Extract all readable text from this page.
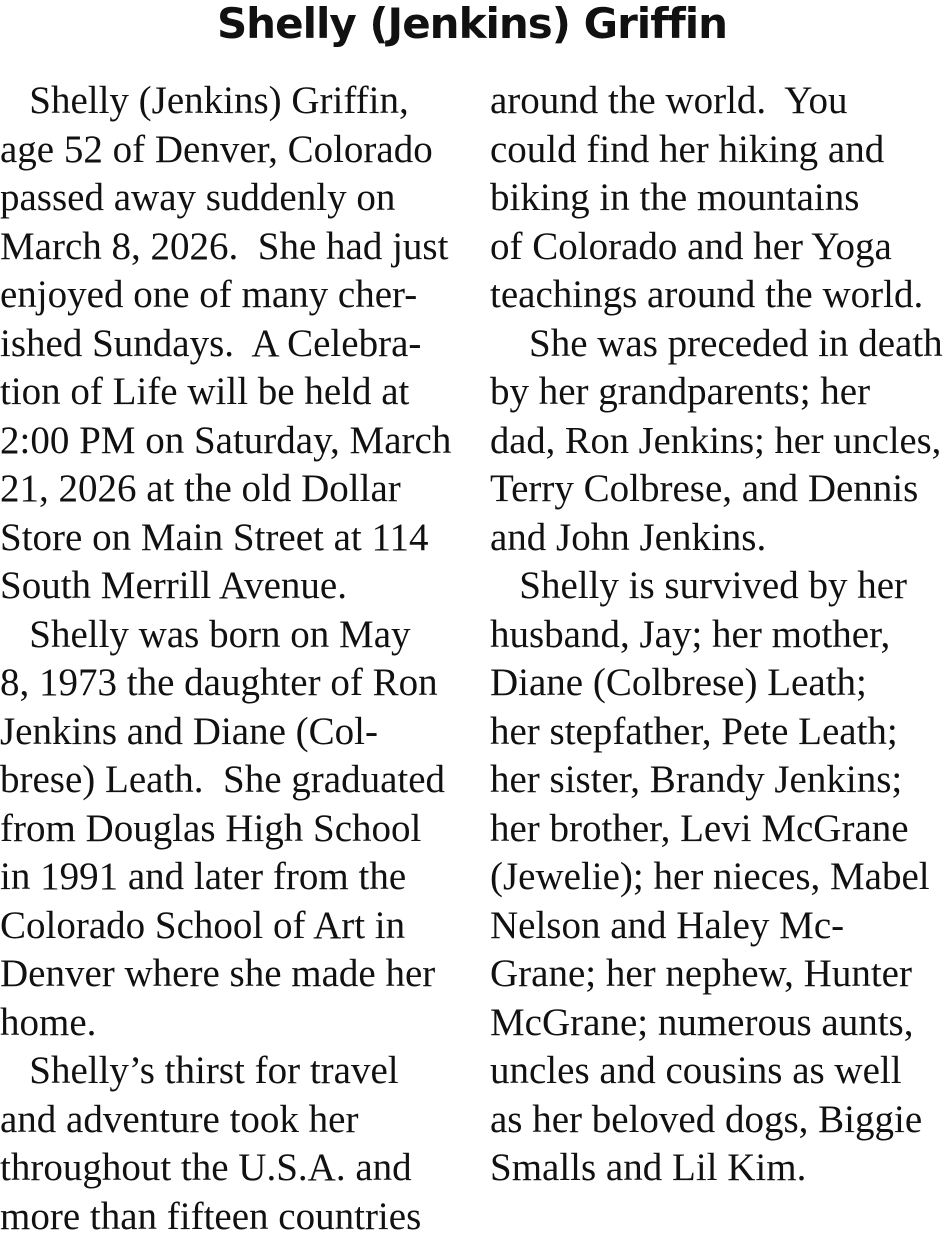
Shelly (Jenkins) Griffin
Shelly (Jenkins) Griffin,
age 52 of Denver, Colorado
passed away suddenly on
March 8, 2026.  She had just
enjoyed one of many cher-
ished Sundays.  A Celebra-
tion of Life will be held at
2:00 PM on Saturday, March
21, 2026 at the old Dollar
Store on Main Street at 114
South Merrill Avenue.
Shelly was born on May
8, 1973 the daughter of Ron
Jenkins and Diane (Col-
brese) Leath.  She graduated
from Douglas High School
in 1991 and later from the
Colorado School of Art in
Denver where she made her
home.
Shelly’s thirst for travel
and adventure took her
throughout the U.S.A. and
more than fifteen countries
around the world.  You
could find her hiking and
biking in the mountains
of Colorado and her Yoga
teachings around the world.
She was preceded in death
by her grandparents; her
dad, Ron Jenkins; her uncles,
Terry Colbrese, and Dennis
and John Jenkins.
Shelly is survived by her
husband, Jay; her mother,
Diane (Colbrese) Leath;
her stepfather, Pete Leath;
her sister, Brandy Jenkins;
her brother, Levi McGrane
(Jewelie); her nieces, Mabel
Nelson and Haley Mc-
Grane; her nephew, Hunter
McGrane; numerous aunts,
uncles and cousins as well
as her beloved dogs, Biggie
Smalls and Lil Kim.
